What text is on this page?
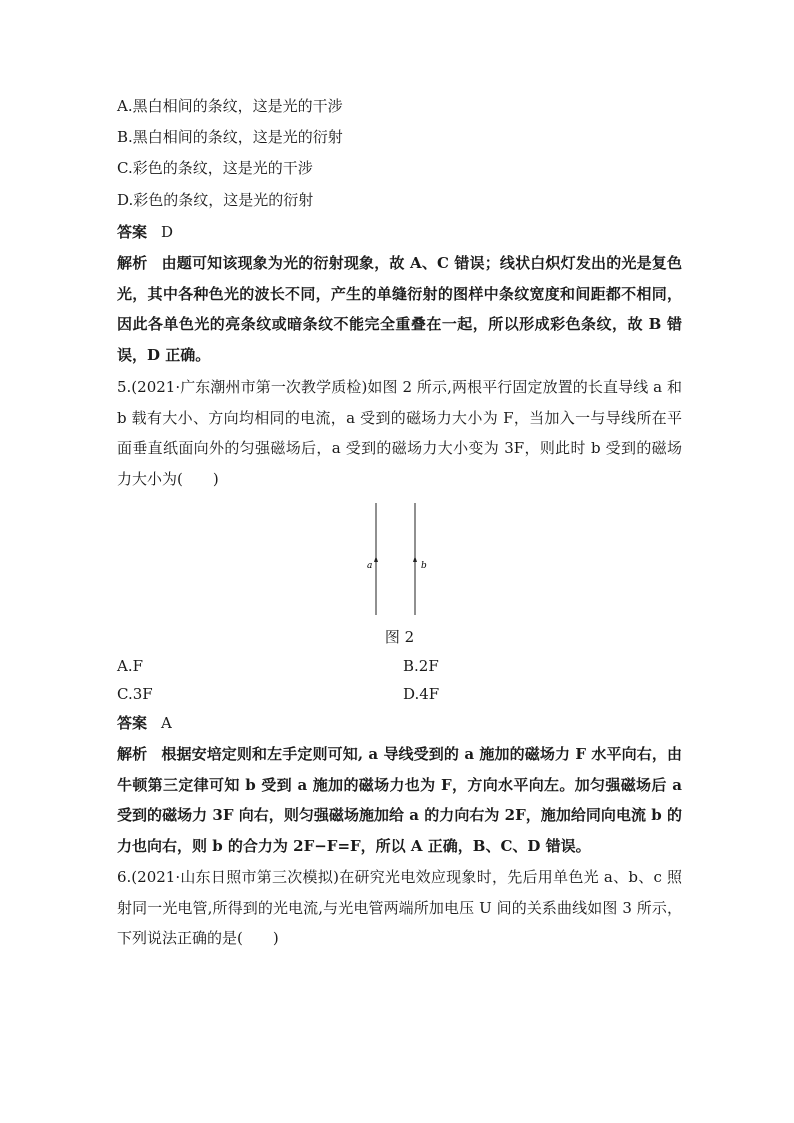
A.黑白相间的条纹，这是光的干涉
B.黑白相间的条纹，这是光的衍射
C.彩色的条纹，这是光的干涉
D.彩色的条纹，这是光的衍射
答案 D
解析 由题可知该现象为光的衍射现象，故 A、C 错误；线状白炽灯发出的光是复色光，其中各种色光的波长不同，产生的单缝衍射的图样中条纹宽度和间距都不相同，因此各单色光的亮条纹或暗条纹不能完全重叠在一起，所以形成彩色条纹，故 B 错误，D 正确。
5.(2021·广东潮州市第一次教学质检)如图 2 所示,两根平行固定放置的长直导线 a 和 b 载有大小、方向均相同的电流，a 受到的磁场力大小为 F，当加入一与导线所在平面垂直纸面向外的匀强磁场后，a 受到的磁场力大小变为 3F，则此时 b 受到的磁场力大小为(　　)
a	b
图 2
A.F	B.2F
C.3F	D.4F
答案 A
解析 根据安培定则和左手定则可知, a 导线受到的 a 施加的磁场力 F 水平向右，由牛顿第三定律可知 b 受到 a 施加的磁场力也为 F，方向水平向左。加匀强磁场后 a 受到的磁场力 3F 向右，则匀强磁场施加给 a 的力向右为 2F，施加给同向电流 b 的力也向右，则 b 的合力为 2F−F=F，所以 A 正确，B、C、D 错误。
6.(2021·山东日照市第三次模拟)在研究光电效应现象时，先后用单色光 a、b、c 照射同一光电管,所得到的光电流,与光电管两端所加电压 U 间的关系曲线如图 3 所示，下列说法正确的是(　　)
